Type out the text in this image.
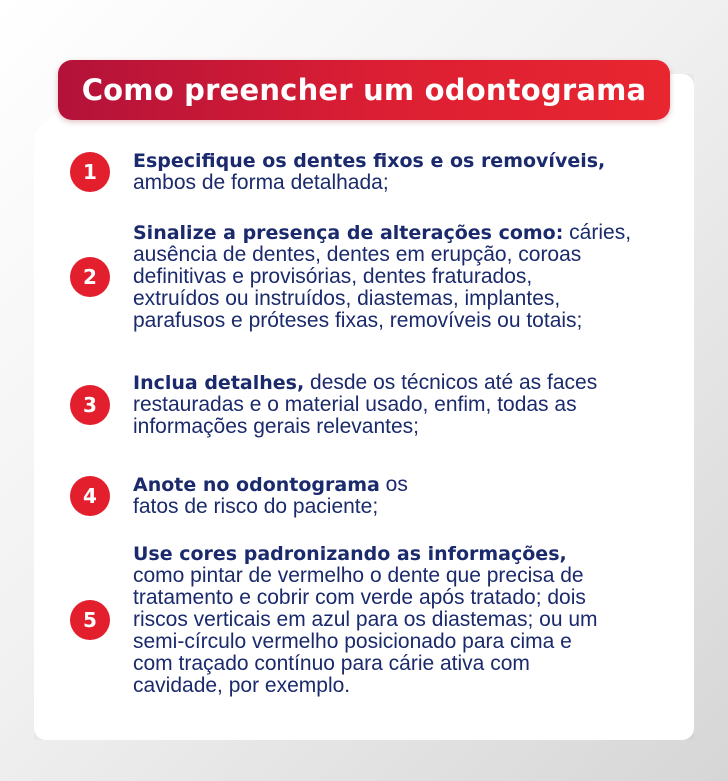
Como preencher um odontograma
1	Especifique os dentes fixos e os removíveis,
ambos de forma detalhada;
2
Sinalize a presença de alterações como: cáries,
ausência de dentes, dentes em erupção, coroas
definitivas e provisórias, dentes fraturados,
extruídos ou instruídos, diastemas, implantes,
parafusos e próteses fixas, removíveis ou totais;
3
Inclua detalhes, desde os técnicos até as faces
restauradas e o material usado, enfim, todas as
informações gerais relevantes;
4	Anote no odontograma os
fatos de risco do paciente;
5
Use cores padronizando as informações,
como pintar de vermelho o dente que precisa de
tratamento e cobrir com verde após tratado; dois
riscos verticais em azul para os diastemas; ou um
semi-círculo vermelho posicionado para cima e
com traçado contínuo para cárie ativa com
cavidade, por exemplo.
